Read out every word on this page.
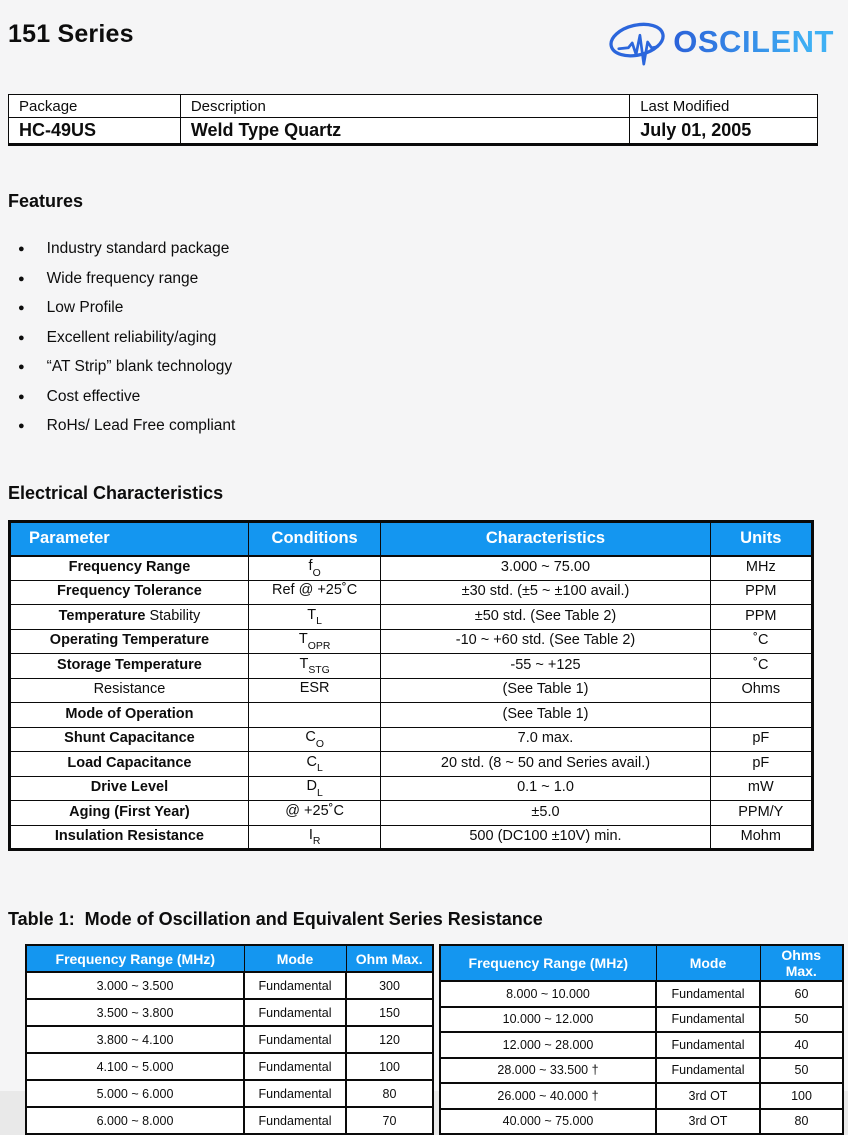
151 Series	OSCILENT
Package	Description	Last Modified
HC-49US	Weld Type Quartz	July 01, 2005
Features
● Industry standard package
● Wide frequency range
● Low Profile
● Excellent reliability/aging
● “AT Strip” blank technology
● Cost effective
● RoHs/ Lead Free compliant
Electrical Characteristics
Parameter	Conditions	Characteristics	Units
Frequency Range	$f_O$	3.000 ~ 75.00	MHz
Frequency Tolerance	Ref @ +25˚C	±30 std. (±5 ~ ±100 avail.)	PPM
Temperature Stability	$T_L$	±50 std. (See Table 2)	PPM
Operating Temperature	$T_{OPR}$	-10 ~ +60 std. (See Table 2)	˚C
Storage Temperature	$T_{STG}$	-55 ~ +125	˚C
Resistance	ESR	(See Table 1)	Ohms
Mode of Operation		(See Table 1)	
Shunt Capacitance	$C_O$	7.0 max.	pF
Load Capacitance	$C_L$	20 std. (8 ~ 50 and Series avail.)	pF
Drive Level	$D_L$	0.1 ~ 1.0	mW
Aging (First Year)	@ +25˚C	±5.0	PPM/Y
Insulation Resistance	$I_R$	500 (DC100 ±10V) min.	Mohm
Table 1:  Mode of Oscillation and Equivalent Series Resistance
Frequency Range (MHz)	Mode	Ohm Max.
3.000 ~ 3.500	Fundamental	300
3.500 ~ 3.800	Fundamental	150
3.800 ~ 4.100	Fundamental	120
4.100 ~ 5.000	Fundamental	100
5.000 ~ 6.000	Fundamental	80
6.000 ~ 8.000	Fundamental	70
Frequency Range (MHz)	Mode	Ohms Max.
8.000 ~ 10.000	Fundamental	60
10.000 ~ 12.000	Fundamental	50
12.000 ~ 28.000	Fundamental	40
28.000 ~ 33.500 †	Fundamental	50
26.000 ~ 40.000 †	3rd OT	100
40.000 ~ 75.000	3rd OT	80
